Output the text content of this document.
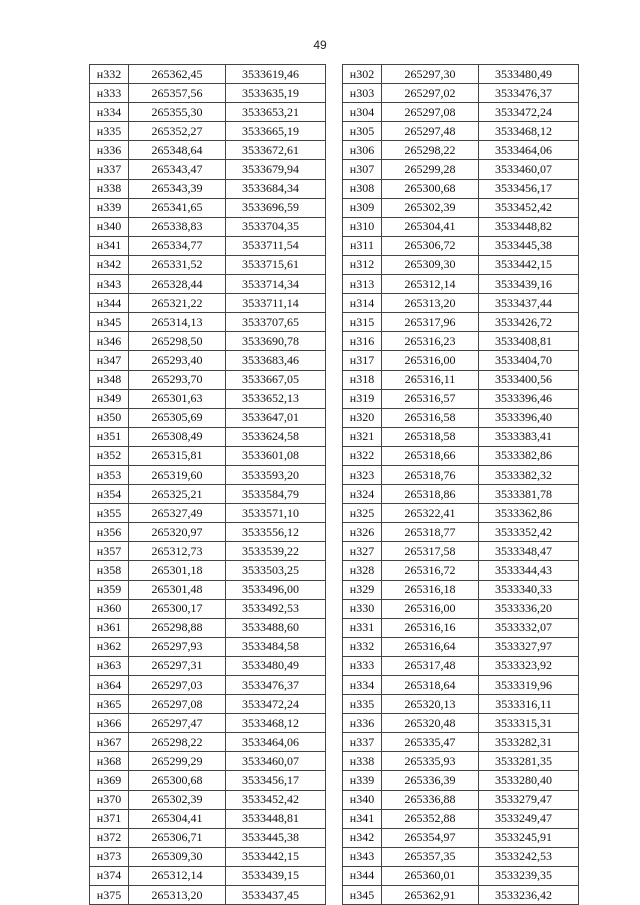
49
н332	265362,45	3533619,46
н333	265357,56	3533635,19
н334	265355,30	3533653,21
н335	265352,27	3533665,19
н336	265348,64	3533672,61
н337	265343,47	3533679,94
н338	265343,39	3533684,34
н339	265341,65	3533696,59
н340	265338,83	3533704,35
н341	265334,77	3533711,54
н342	265331,52	3533715,61
н343	265328,44	3533714,34
н344	265321,22	3533711,14
н345	265314,13	3533707,65
н346	265298,50	3533690,78
н347	265293,40	3533683,46
н348	265293,70	3533667,05
н349	265301,63	3533652,13
н350	265305,69	3533647,01
н351	265308,49	3533624,58
н352	265315,81	3533601,08
н353	265319,60	3533593,20
н354	265325,21	3533584,79
н355	265327,49	3533571,10
н356	265320,97	3533556,12
н357	265312,73	3533539,22
н358	265301,18	3533503,25
н359	265301,48	3533496,00
н360	265300,17	3533492,53
н361	265298,88	3533488,60
н362	265297,93	3533484,58
н363	265297,31	3533480,49
н364	265297,03	3533476,37
н365	265297,08	3533472,24
н366	265297,47	3533468,12
н367	265298,22	3533464,06
н368	265299,29	3533460,07
н369	265300,68	3533456,17
н370	265302,39	3533452,42
н371	265304,41	3533448,81
н372	265306,71	3533445,38
н373	265309,30	3533442,15
н374	265312,14	3533439,15
н375	265313,20	3533437,45
н302	265297,30	3533480,49
н303	265297,02	3533476,37
н304	265297,08	3533472,24
н305	265297,48	3533468,12
н306	265298,22	3533464,06
н307	265299,28	3533460,07
н308	265300,68	3533456,17
н309	265302,39	3533452,42
н310	265304,41	3533448,82
н311	265306,72	3533445,38
н312	265309,30	3533442,15
н313	265312,14	3533439,16
н314	265313,20	3533437,44
н315	265317,96	3533426,72
н316	265316,23	3533408,81
н317	265316,00	3533404,70
н318	265316,11	3533400,56
н319	265316,57	3533396,46
н320	265316,58	3533396,40
н321	265318,58	3533383,41
н322	265318,66	3533382,86
н323	265318,76	3533382,32
н324	265318,86	3533381,78
н325	265322,41	3533362,86
н326	265318,77	3533352,42
н327	265317,58	3533348,47
н328	265316,72	3533344,43
н329	265316,18	3533340,33
н330	265316,00	3533336,20
н331	265316,16	3533332,07
н332	265316,64	3533327,97
н333	265317,48	3533323,92
н334	265318,64	3533319,96
н335	265320,13	3533316,11
н336	265320,48	3533315,31
н337	265335,47	3533282,31
н338	265335,93	3533281,35
н339	265336,39	3533280,40
н340	265336,88	3533279,47
н341	265352,88	3533249,47
н342	265354,97	3533245,91
н343	265357,35	3533242,53
н344	265360,01	3533239,35
н345	265362,91	3533236,42
